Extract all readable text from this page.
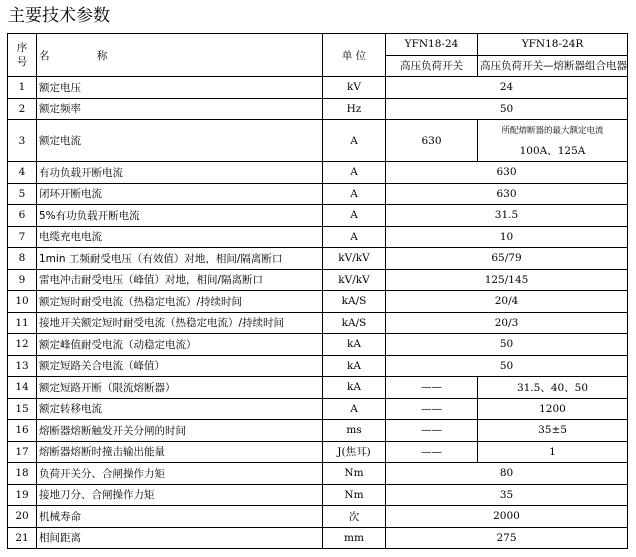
主要技术参数
序
号	名 称	单 位	YFN18-24	YFN18-24R
			高压负荷开关	高压负荷开关—熔断器组合电器
1	额定电压	kV	24	
2	额定频率	Hz	50	
3	额定电流	A	630	所配熔断器的最大额定电流
100A、125A
4	有功负载开断电流	A	630	
5	闭环开断电流	A	630	
6	5%有功负载开断电流	A	31.5	
7	电缆充电电流	A	10	
8	1min 工频耐受电压（有效值）对地，相间/隔离断口	kV/kV	65/79	
9	雷电冲击耐受电压（峰值）对地，相间/隔离断口	kV/kV	125/145	
10	额定短时耐受电流（热稳定电流）/持续时间	kA/S	20/4	
11	接地开关额定短时耐受电流（热稳定电流）/持续时间	kA/S	20/3	
12	额定峰值耐受电流（动稳定电流）	kA	50	
13	额定短路关合电流（峰值）	kA	50	
14	额定短路开断（限流熔断器）	kA	——	31.5、40、50
15	额定转移电流	A	——	1200
16	熔断器熔断触发开关分闸的时间	ms	——	35±5
17	熔断器熔断时撞击输出能量	J(焦耳)	——	1
18	负荷开关分、合闸操作力矩	Nm	80	
19	接地刀分、合闸操作力矩	Nm	35	
20	机械寿命	次	2000	
21	相间距离	mm	275	
